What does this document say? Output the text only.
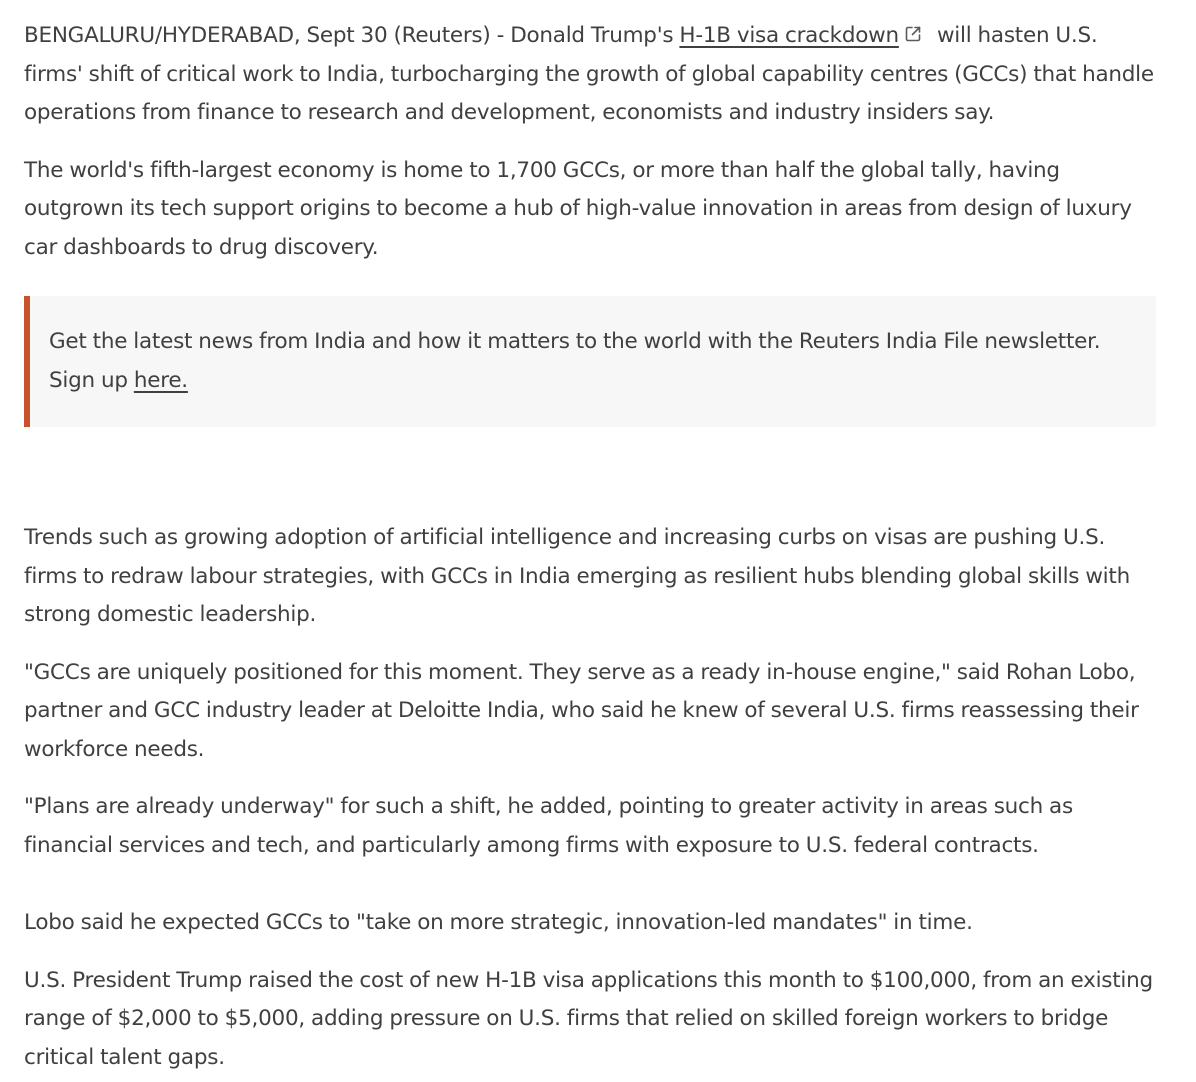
BENGALURU/HYDERABAD, Sept 30 (Reuters) - Donald Trump's H-1B visa crackdown
will hasten U.S. firms' shift of critical work to India, turbocharging the growth of global capability centres (GCCs) that handle operations from finance to research and development, economists and industry insiders say.

The world's fifth-largest economy is home to 1,700 GCCs, or more than half the global tally, having outgrown its tech support origins to become a hub of high-value innovation in areas from design of luxury car dashboards to drug discovery.

Get the latest news from India and how it matters to the world with the Reuters India File newsletter. Sign up here.

Trends such as growing adoption of artificial intelligence and increasing curbs on visas are pushing U.S. firms to redraw labour strategies, with GCCs in India emerging as resilient hubs blending global skills with strong domestic leadership.

"GCCs are uniquely positioned for this moment. They serve as a ready in-house engine," said Rohan Lobo, partner and GCC industry leader at Deloitte India, who said he knew of several U.S. firms reassessing their workforce needs.

"Plans are already underway" for such a shift, he added, pointing to greater activity in areas such as financial services and tech, and particularly among firms with exposure to U.S. federal contracts.

Lobo said he expected GCCs to "take on more strategic, innovation-led mandates" in time.

U.S. President Trump raised the cost of new H-1B visa applications this month to $100,000, from an existing range of $2,000 to $5,000, adding pressure on U.S. firms that relied on skilled foreign workers to bridge critical talent gaps.
